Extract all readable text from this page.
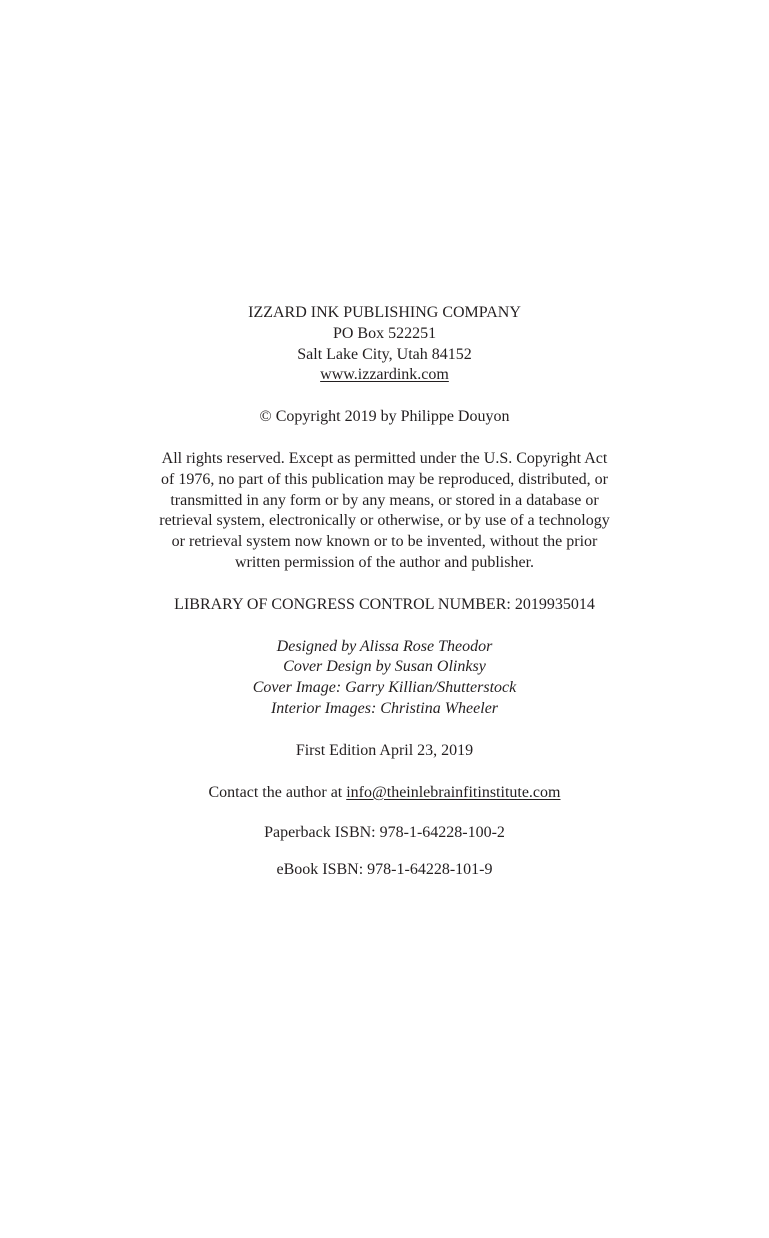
IZZARD INK PUBLISHING COMPANY
PO Box 522251
Salt Lake City, Utah 84152
www.izzardink.com
© Copyright 2019 by Philippe Douyon
All rights reserved. Except as permitted under the U.S. Copyright Act
of 1976, no part of this publication may be reproduced, distributed, or
transmitted in any form or by any means, or stored in a database or
retrieval system, electronically or otherwise, or by use of a technology
or retrieval system now known or to be invented, without the prior
written permission of the author and publisher.
LIBRARY OF CONGRESS CONTROL NUMBER: 2019935014
Designed by Alissa Rose Theodor
Cover Design by Susan Olinksy
Cover Image: Garry Killian/Shutterstock
Interior Images: Christina Wheeler
First Edition April 23, 2019
Contact the author at info@theinlebrainfitinstitute.com
Paperback ISBN: 978-1-64228-100-2
eBook ISBN: 978-1-64228-101-9
